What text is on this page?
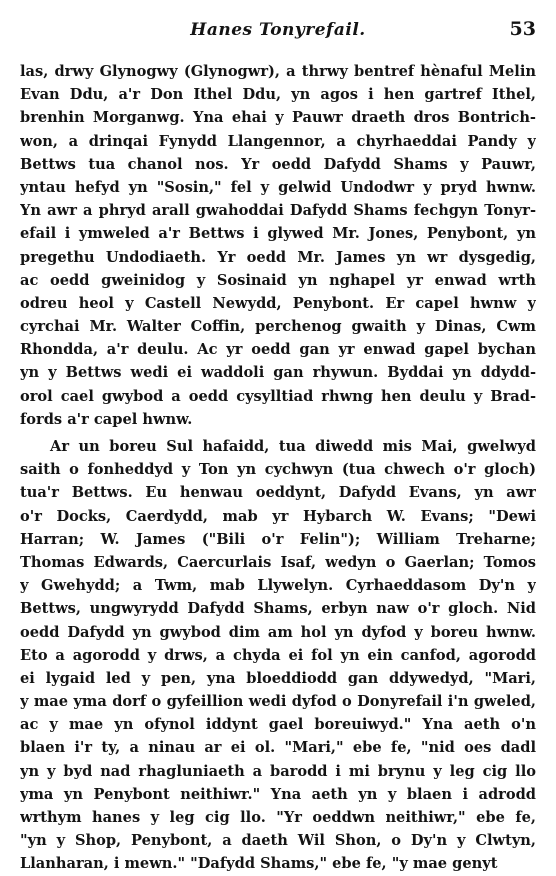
Hanes Tonyrefail.	53
las, drwy Glynogwy (Glynogwr), a thrwy bentref hènaful Melin
Evan Ddu, a'r Don Ithel Ddu, yn agos i hen gartref Ithel,
brenhin Morganwg. Yna ehai y Pauwr draeth dros Bontrich-
won, a drinqai Fynydd Llangennor, a chyrhaeddai Pandy y
Bettws tua chanol nos. Yr oedd Dafydd Shams y Pauwr,
yntau hefyd yn "Sosin," fel y gelwid Undodwr y pryd hwnw.
Yn awr a phryd arall gwahoddai Dafydd Shams fechgyn Tonyr-
efail i ymweled a'r Bettws i glywed Mr. Jones, Penybont, yn
pregethu Undodiaeth. Yr oedd Mr. James yn wr dysgedig,
ac oedd gweinidog y Sosinaid yn nghapel yr enwad wrth
odreu heol y Castell Newydd, Penybont. Er capel hwnw y
cyrchai Mr. Walter Coffin, perchenog gwaith y Dinas, Cwm
Rhondda, a'r deulu. Ac yr oedd gan yr enwad gapel bychan
yn y Bettws wedi ei waddoli gan rhywun. Byddai yn ddydd-
orol cael gwybod a oedd cysylltiad rhwng hen deulu y Brad-
fords a'r capel hwnw.
Ar un boreu Sul hafaidd, tua diwedd mis Mai, gwelwyd
saith o fonheddyd y Ton yn cychwyn (tua chwech o'r gloch)
tua'r Bettws. Eu henwau oeddynt, Dafydd Evans, yn awr
o'r Docks, Caerdydd, mab yr Hybarch W. Evans; "Dewi
Harran; W. James ("Bili o'r Felin"); William Treharne;
Thomas Edwards, Caercurlais Isaf, wedyn o Gaerlan; Tomos
y Gwehydd; a Twm, mab Llywelyn. Cyrhaeddasom Dy'n y
Bettws, ungwyrydd Dafydd Shams, erbyn naw o'r gloch. Nid
oedd Dafydd yn gwybod dim am hol yn dyfod y boreu hwnw.
Eto a agorodd y drws, a chyda ei fol yn ein canfod, agorodd
ei lygaid led y pen, yna bloeddiodd gan ddywedyd, "Mari,
y mae yma dorf o gyfeillion wedi dyfod o Donyrefail i'n gweled,
ac y mae yn ofynol iddynt gael boreuiwyd." Yna aeth o'n
blaen i'r ty, a ninau ar ei ol. "Mari," ebe fe, "nid oes dadl
yn y byd nad rhagluniaeth a barodd i mi brynu y leg cig llo
yma yn Penybont neithiwr." Yna aeth yn y blaen i adrodd
wrthym hanes y leg cig llo. "Yr oeddwn neithiwr," ebe fe,
"yn y Shop, Penybont, a daeth Wil Shon, o Dy'n y Clwtyn,
Llanharan, i mewn." "Dafydd Shams," ebe fe, "y mae genyt
